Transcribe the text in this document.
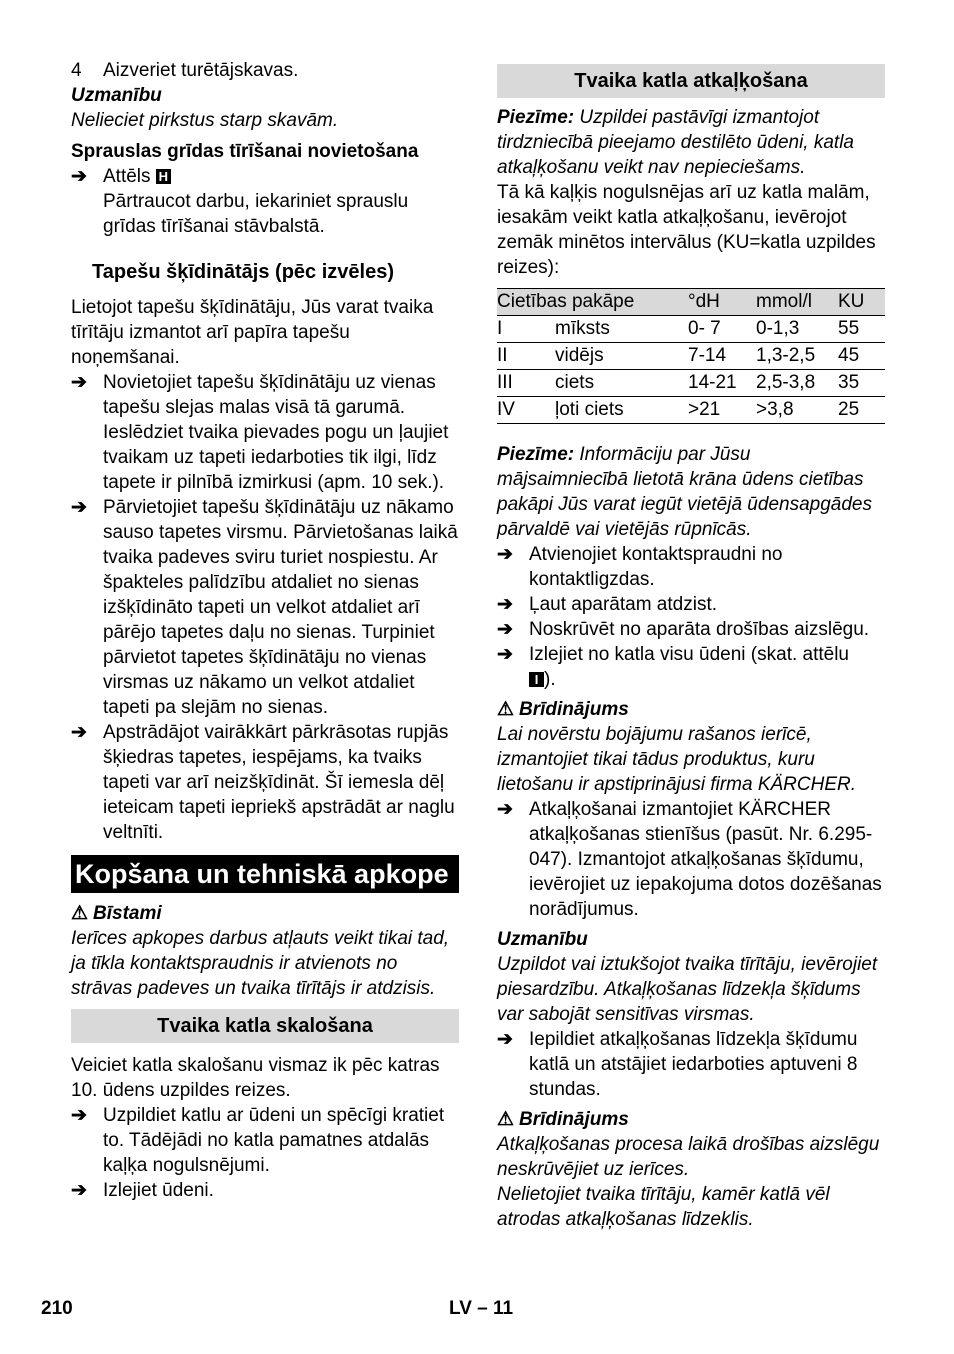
4	Aizveriet turētājskavas.

Uzmanību

Nelieciet pirkstus starp skavām.

Sprauslas grīdas tīrīšanai novietošana

➔ Attēls H

Pārtraucot darbu, iekariniet sprauslu grīdas tīrīšanai stāvbalstā.

Tapešu šķīdinātājs (pēc izvēles)

Lietojot tapešu šķīdinātāju, Jūs varat tvaika tīrītāju izmantot arī papīra tapešu noņemšanai.

➔ Novietojiet tapešu šķīdinātāju uz vienas tapešu slejas malas visā tā garumā. Ieslēdziet tvaika pievades pogu un ļaujiet tvaikam uz tapeti iedarboties tik ilgi, līdz tapete ir pilnībā izmirkusi (apm. 10 sek.).
➔ Pārvietojiet tapešu šķīdinātāju uz nākamo sauso tapetes virsmu. Pārvietošanas laikā tvaika padeves sviru turiet nospiestu. Ar špakteles palīdzību atdaliet no sienas izšķīdināto tapeti un velkot atdaliet arī pārējo tapetes daļu no sienas. Turpiniet pārvietot tapetes šķīdinātāju no vienas virsmas uz nākamo un velkot atdaliet tapeti pa slejām no sienas.
➔ Apstrādājot vairākkārt pārkrāsotas rupjās šķiedras tapetes, iespējams, ka tvaiks tapeti var arī neizšķīdināt. Šī iemesla dēļ ieteicam tapeti iepriekš apstrādāt ar naglu veltnīti.
Kopšana un tehniskā apkope

⚠ Bīstami

Ierīces apkopes darbus atļauts veikt tikai tad, ja tīkla kontaktspraudnis ir atvienots no strāvas padeves un tvaika tīrītājs ir atdzisis.

Tvaika katla skalošana

Veiciet katla skalošanu vismaz ik pēc katras 10. ūdens uzpildes reizes.

➔ Uzpildiet katlu ar ūdeni un spēcīgi kratiet to. Tādējādi no katla pamatnes atdalās kaļķa nogulsnējumi.
➔ Izlejiet ūdeni.
Tvaika katla atkaļķošana

Piezīme: Uzpildei pastāvīgi izmantojot tirdzniecībā pieejamo destilēto ūdeni, katla atkaļķošanu veikt nav nepieciešams.

Tā kā kaļķis nogulsnējas arī uz katla malām, iesakām veikt katla atkaļķošanu, ievērojot zemāk minētos intervālus (KU=katla uzpildes reizes):

Cietības pakāpe		°dH	mmol/l	KU
I	mīksts	0- 7	0-1,3	55
II	vidējs	7-14	1,3-2,5	45
III	ciets	14-21	2,5-3,8	35
IV	ļoti ciets	>21	>3,8	25

Piezīme: Informāciju par Jūsu mājsaimniecībā lietotā krāna ūdens cietības pakāpi Jūs varat iegūt vietējā ūdensapgādes pārvaldē vai vietējās rūpnīcās.

➔ Atvienojiet kontaktspraudni no kontaktligzdas.
➔ Ļaut aparātam atdzist.
➔ Noskrūvēt no aparāta drošības aizslēgu.
➔ Izlejiet no katla visu ūdeni (skat. attēlu
I ).

⚠ Brīdinājums

Lai novērstu bojājumu rašanos ierīcē, izmantojiet tikai tādus produktus, kuru lietošanu ir apstiprinājusi firma KÄRCHER.

➔ Atkaļķošanai izmantojiet KÄRCHER atkaļķošanas stienīšus (pasūt. Nr. 6.295-047). Izmantojot atkaļķošanas šķīdumu, ievērojiet uz iepakojuma dotos dozēšanas norādījumus.

Uzmanību

Uzpildot vai iztukšojot tvaika tīrītāju, ievērojiet piesardzību. Atkaļķošanas līdzekļa šķīdums var sabojāt sensitīvas virsmas.

➔ Iepildiet atkaļķošanas līdzekļa šķīdumu katlā un atstājiet iedarboties aptuveni 8 stundas.

⚠ Brīdinājums

Atkaļķošanas procesa laikā drošības aizslēgu neskrūvējiet uz ierīces.

Nelietojiet tvaika tīrītāju, kamēr katlā vēl atrodas atkaļķošanas līdzeklis.

210	LV – 11
